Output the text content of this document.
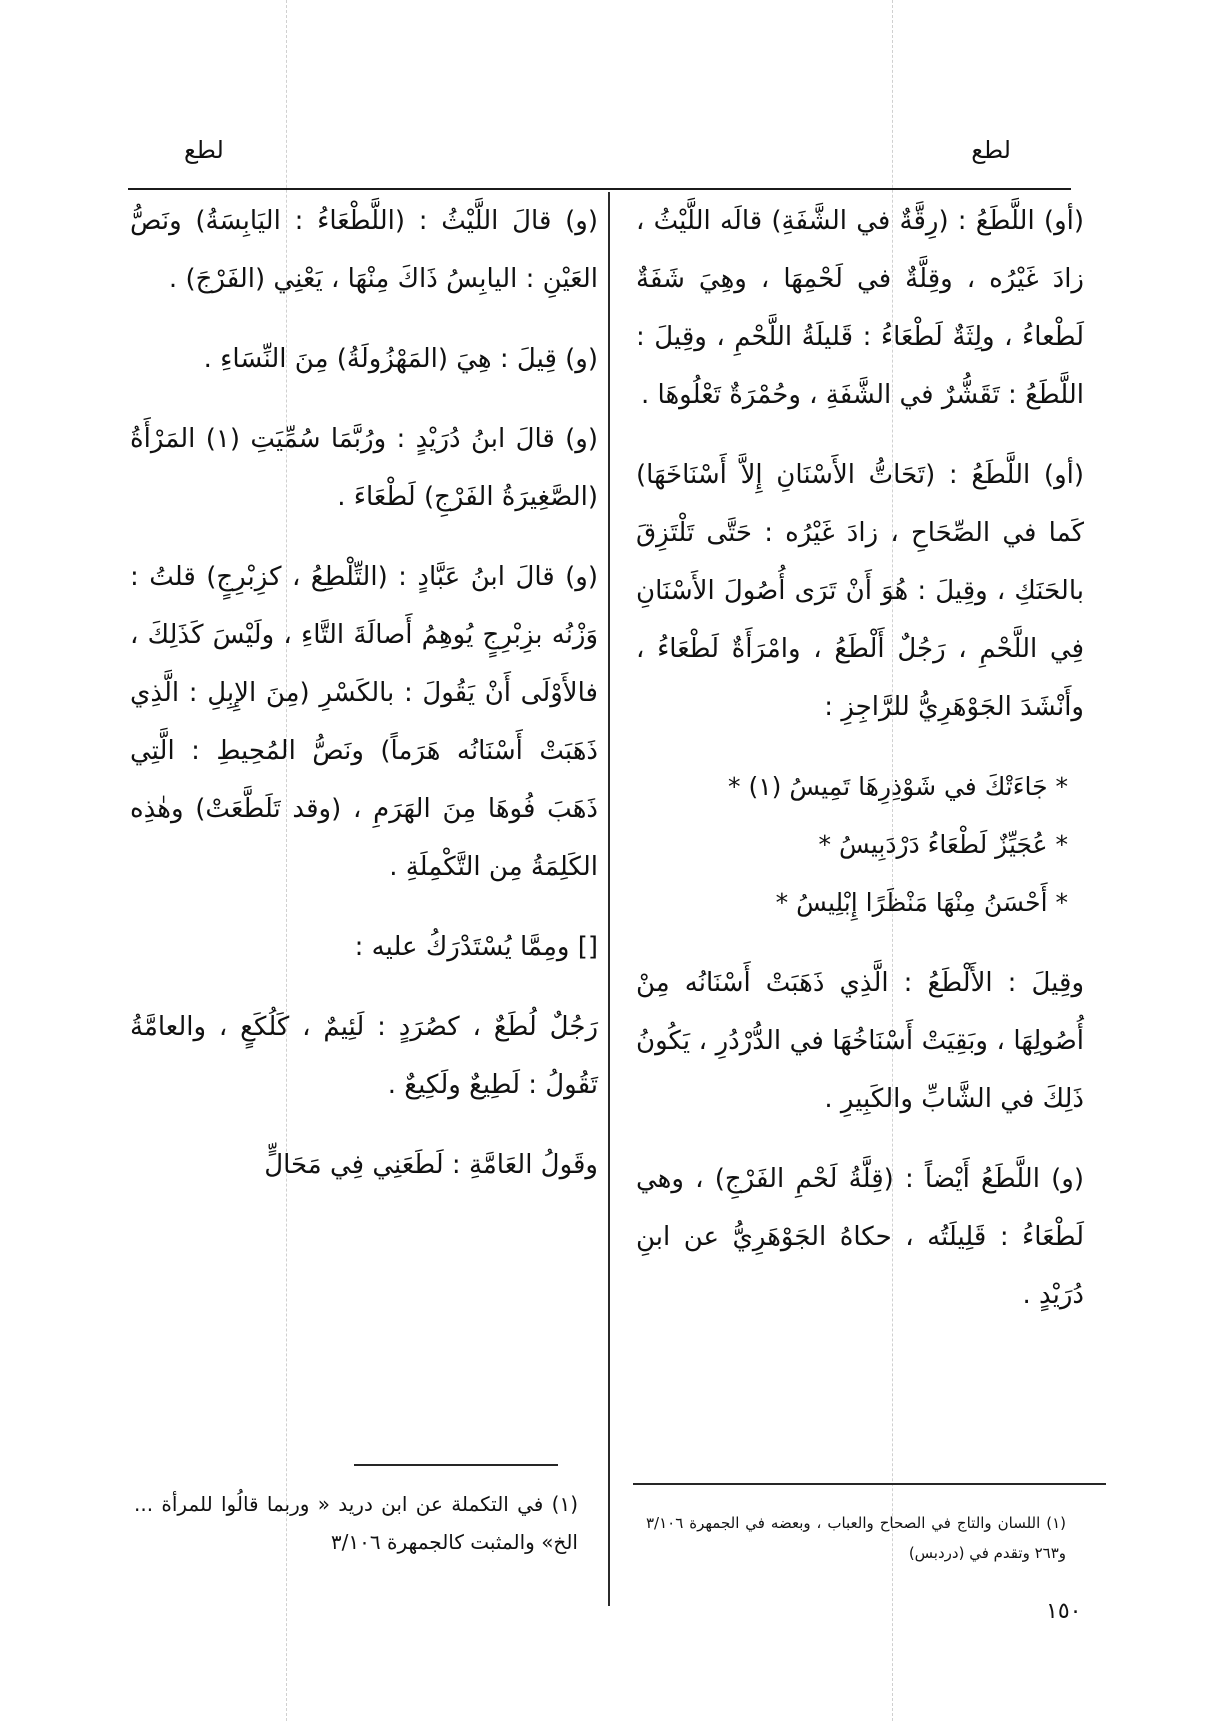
لطع
لطع

(أو) اللَّطَعُ : (رِقَّةٌ في الشَّفَةِ) قالَه اللَّيْثُ ، زادَ غَيْرُه ، وقِلَّةٌ في لَحْمِهَا ، وهِيَ شَفَةٌ لَطْعاءُ ، ولِثَةٌ لَطْعَاءُ : قَليلَةُ اللَّحْمِ ، وقِيلَ : اللَّطَعُ : تَقَشُّرٌ في الشَّفَةِ ، وحُمْرَةٌ تَعْلُوهَا .

(أو) اللَّطَعُ : (تَحَاتُّ الأَسْنَانِ إِلاَّ أَسْنَاخَهَا) كَما في الصِّحَاحِ ، زادَ غَيْرُه : حَتَّى تَلْتَزِقَ بالحَنَكِ ، وقِيلَ : هُوَ أَنْ تَرَى أُصُولَ الأَسْنَانِ فِي اللَّحْمِ ، رَجُلٌ أَلْطَعُ ، وامْرَأَةٌ لَطْعَاءُ ، وأَنْشَدَ الجَوْهَرِيُّ للرَّاجِزِ :

* جَاءَتْكَ في شَوْذِرِهَا تَمِيسُ (١) *
* عُجَيِّزٌ لَطْعَاءُ دَرْدَبِيسُ *
* أَحْسَنُ مِنْهَا مَنْظَرًا إِبْلِيسُ *

وقِيلَ : الأَلْطَعُ : الَّذِي ذَهَبَتْ أَسْنَانُه مِنْ أُصُولِهَا ، وبَقِيَتْ أَسْنَاخُهَا في الدُّرْدُرِ ، يَكُونُ ذَلِكَ في الشَّابِّ والكَبِيرِ .

(و) اللَّطَعُ أَيْضاً : (قِلَّةُ لَحْمِ الفَرْجِ) ، وهي لَطْعَاءُ : قَلِيلَتُه ، حكاهُ الجَوْهَرِيُّ عن ابنِ دُرَيْدٍ .

(و) قالَ اللَّيْثُ : (اللَّطْعَاءُ : اليَابِسَةُ) ونَصُّ العَيْنِ : اليابِسُ ذَاكَ مِنْهَا ، يَعْنِي (الفَرْجَ) .

(و) قِيلَ : هِيَ (المَهْزُولَةُ) مِنَ النِّسَاءِ .

(و) قالَ ابنُ دُرَيْدٍ : ورُبَّمَا سُمِّيَتِ (١) المَرْأَةُ (الصَّغِيرَةُ الفَرْجِ) لَطْعَاءَ .

(و) قالَ ابنُ عَبَّادٍ : (التِّلْطِعُ ، كزِبْرِجٍ) قلتُ : وَزْنُه بزِبْرِجٍ يُوهِمُ أَصالَةَ التَّاءِ ، ولَيْسَ كَذَلِكَ ، فالأَوْلَى أَنْ يَقُولَ : بالكَسْرِ (مِنَ الإِبِلِ : الَّذِي ذَهَبَتْ أَسْنَانُه هَرَماً) ونَصُّ المُحِيطِ : الَّتِي ذَهَبَ فُوهَا مِنَ الهَرَمِ ، (وقد تَلَطَّعَتْ) وهٰذِه الكَلِمَةُ مِن التَّكْمِلَةِ .

[] ومِمَّا يُسْتَدْرَكُ عليه :

رَجُلٌ لُطَعٌ ، كصُرَدٍ : لَئِيمٌ ، كَلُكَعٍ ، والعامَّةُ تَقُولُ : لَطِيعٌ ولَكِيعٌ .

وقَولُ العَامَّةِ : لَطَعَنِي فِي مَحَالٍّ

(١) اللسان والتاج في الصحاح والعباب ، وبعضه في الجمهرة ٣/١٠٦ و٢٦٣ وتقدم في (دردبس)
(١) في التكملة عن ابن دريد « وربما قالُوا للمرأة ... الخ» والمثبت كالجمهرة ٣/١٠٦
١٥٠
